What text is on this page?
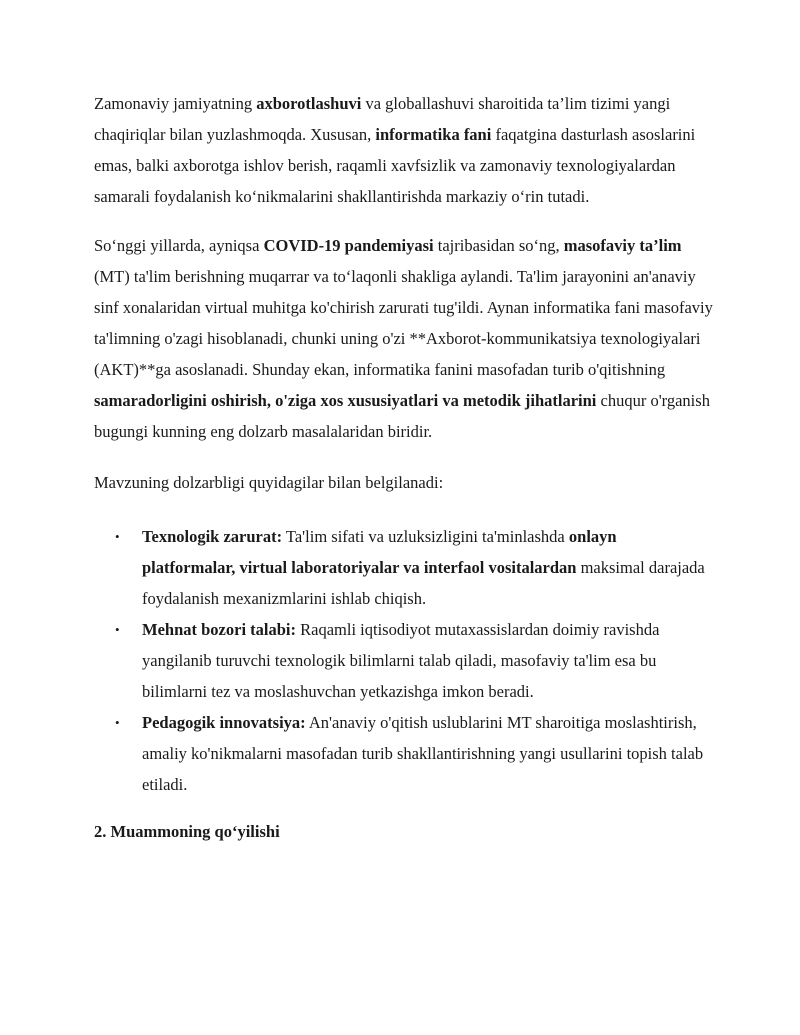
Zamonaviy jamiyatning axborotlashuvi va globallashuvi sharoitida ta’lim tizimi yangi chaqiriqlar bilan yuzlashmoqda. Xususan, informatika fani faqatgina dasturlash asoslarini emas, balki axborotga ishlov berish, raqamli xavfsizlik va zamonaviy texnologiyalardan samarali foydalanish ko‘nikmalarini shakllantirishda markaziy o‘rin tutadi.

So‘nggi yillarda, ayniqsa COVID-19 pandemiyasi tajribasidan so‘ng, masofaviy ta’lim (MT) ta'lim berishning muqarrar va to‘laqonli shakliga aylandi. Ta'lim jarayonini an'anaviy sinf xonalaridan virtual muhitga ko'chirish zarurati tug'ildi. Aynan informatika fani masofaviy ta'limning o'zagi hisoblanadi, chunki uning o'zi **Axborot-kommunikatsiya texnologiyalari (AKT)**ga asoslanadi. Shunday ekan, informatika fanini masofadan turib o'qitishning samaradorligini oshirish, o'ziga xos xususiyatlari va metodik jihatlarini chuqur o'rganish bugungi kunning eng dolzarb masalalaridan biridir.

Mavzuning dolzarbligi quyidagilar bilan belgilanadi:

• Texnologik zarurat: Ta'lim sifati va uzluksizligini ta'minlashda onlayn platformalar, virtual laboratoriyalar va interfaol vositalardan maksimal darajada foydalanish mexanizmlarini ishlab chiqish.
• Mehnat bozori talabi: Raqamli iqtisodiyot mutaxassislardan doimiy ravishda yangilanib turuvchi texnologik bilimlarni talab qiladi, masofaviy ta'lim esa bu bilimlarni tez va moslashuvchan yetkazishga imkon beradi.
• Pedagogik innovatsiya: An'anaviy o'qitish uslublarini MT sharoitiga moslashtirish, amaliy ko'nikmalarni masofadan turib shakllantirishning yangi usullarini topish talab etiladi.
2. Muammoning qo‘yilishi
